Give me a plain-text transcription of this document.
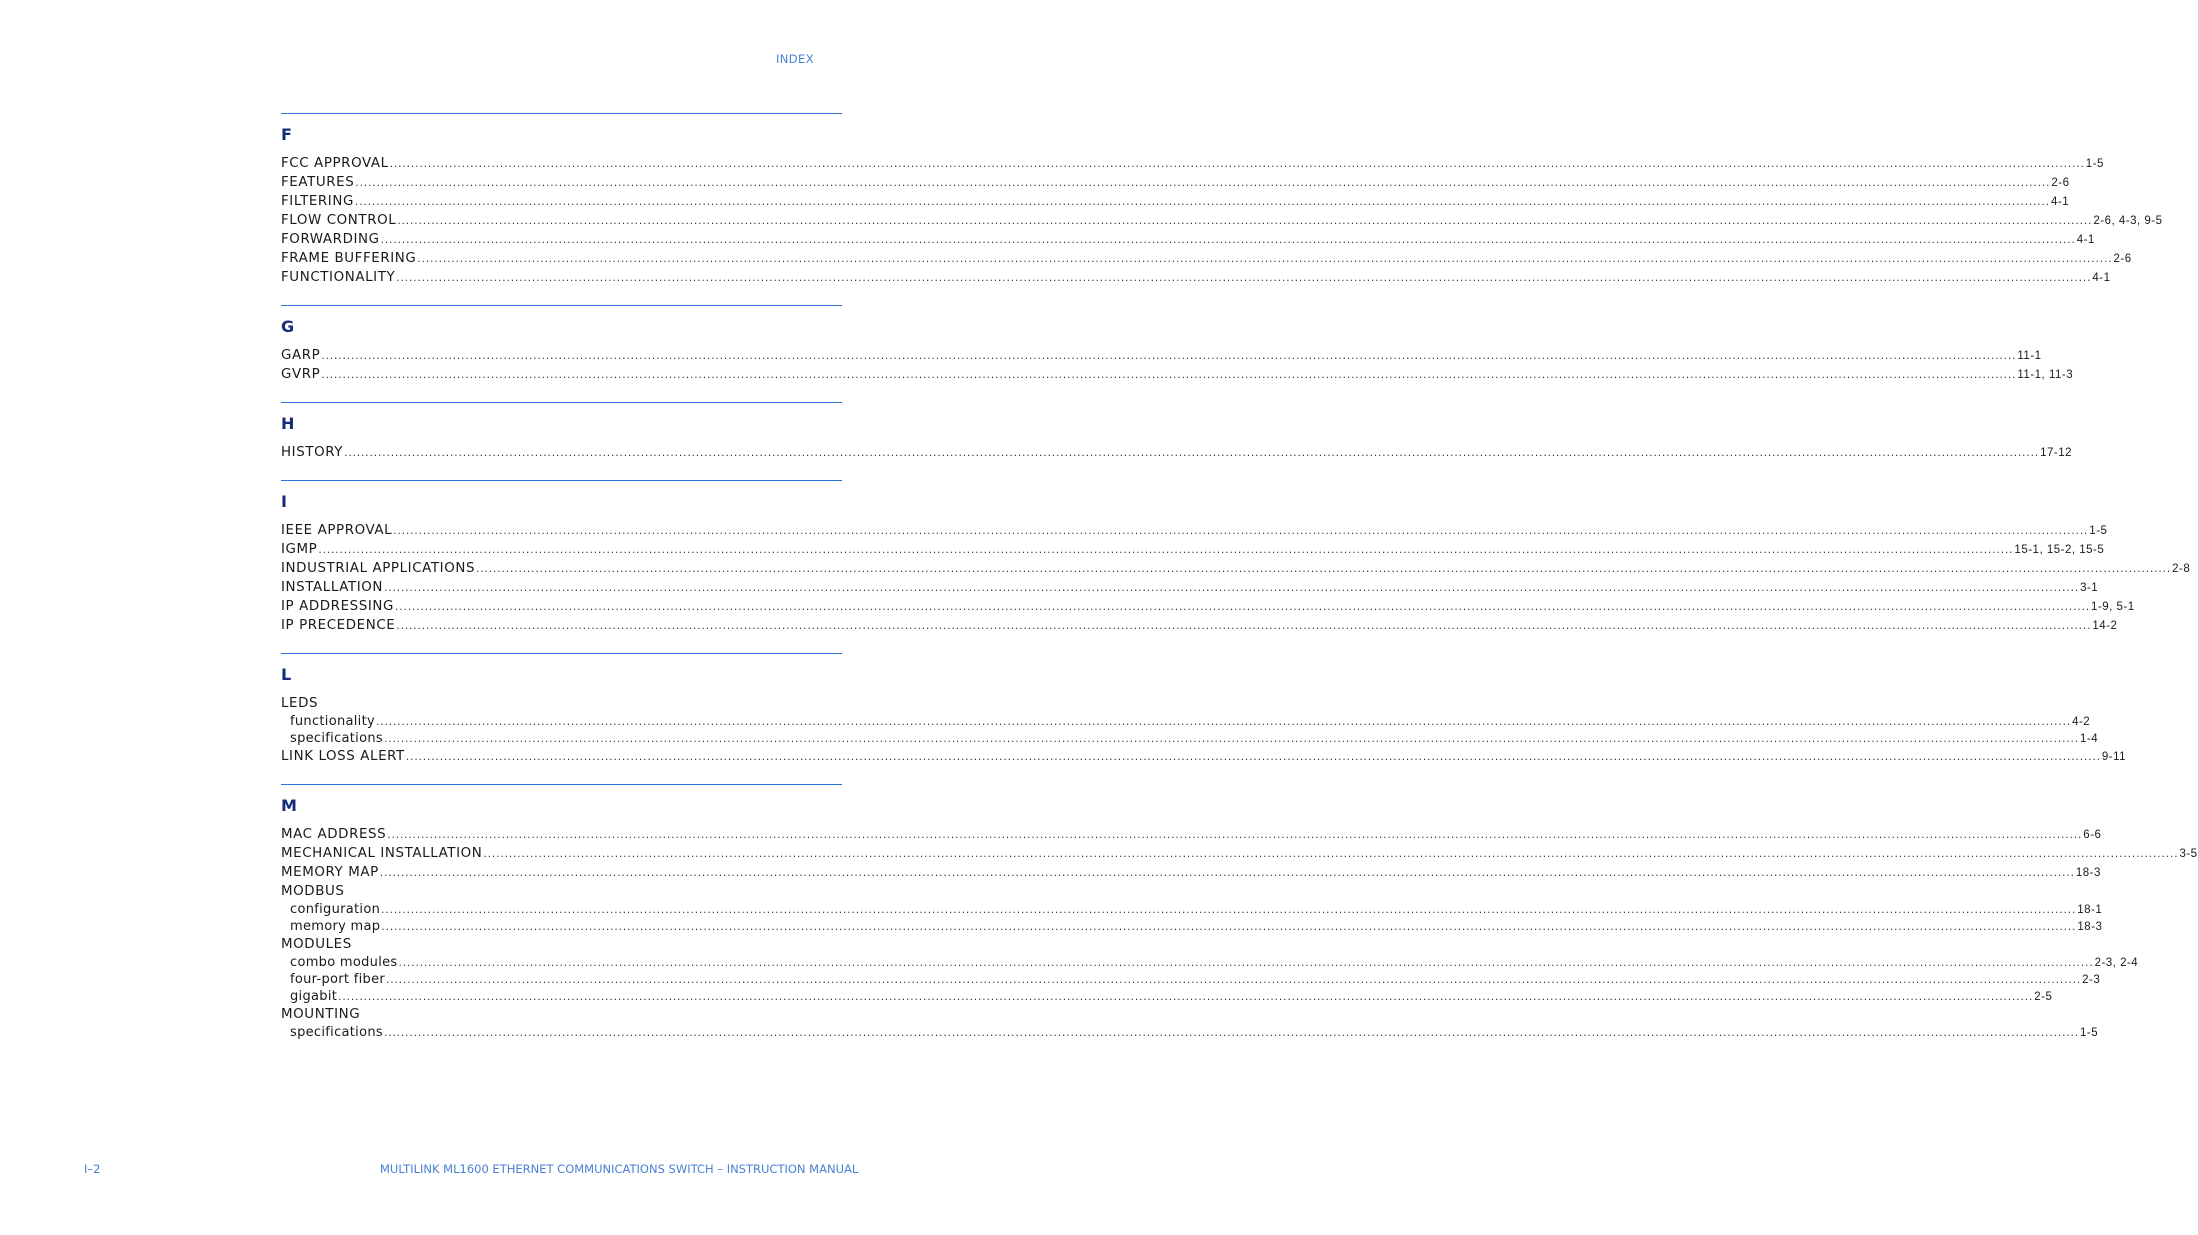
INDEX
F
FCC APPROVAL ................................................................................................................................................................................................................................................................................................................................................................................................................ 1-5
FEATURES ................................................................................................................................................................................................................................................................................................................................................................................................................ 2-6
FILTERING ................................................................................................................................................................................................................................................................................................................................................................................................................ 4-1
FLOW CONTROL ................................................................................................................................................................................................................................................................................................................................................................................................................ 2-6, 4-3, 9-5
FORWARDING ................................................................................................................................................................................................................................................................................................................................................................................................................ 4-1
FRAME BUFFERING ................................................................................................................................................................................................................................................................................................................................................................................................................ 2-6
FUNCTIONALITY ................................................................................................................................................................................................................................................................................................................................................................................................................ 4-1
G
GARP ................................................................................................................................................................................................................................................................................................................................................................................................................ 11-1
GVRP ................................................................................................................................................................................................................................................................................................................................................................................................................ 11-1, 11-3
H
HISTORY ................................................................................................................................................................................................................................................................................................................................................................................................................ 17-12
I
IEEE APPROVAL ................................................................................................................................................................................................................................................................................................................................................................................................................ 1-5
IGMP ................................................................................................................................................................................................................................................................................................................................................................................................................ 15-1, 15-2, 15-5
INDUSTRIAL APPLICATIONS ................................................................................................................................................................................................................................................................................................................................................................................................................ 2-8
INSTALLATION ................................................................................................................................................................................................................................................................................................................................................................................................................ 3-1
IP ADDRESSING ................................................................................................................................................................................................................................................................................................................................................................................................................ 1-9, 5-1
IP PRECEDENCE ................................................................................................................................................................................................................................................................................................................................................................................................................ 14-2
L
LEDS
functionality ................................................................................................................................................................................................................................................................................................................................................................................................................ 4-2
specifications ................................................................................................................................................................................................................................................................................................................................................................................................................ 1-4
LINK LOSS ALERT ................................................................................................................................................................................................................................................................................................................................................................................................................ 9-11
M
MAC ADDRESS ................................................................................................................................................................................................................................................................................................................................................................................................................ 6-6
MECHANICAL INSTALLATION ................................................................................................................................................................................................................................................................................................................................................................................................................ 3-5
MEMORY MAP ................................................................................................................................................................................................................................................................................................................................................................................................................ 18-3
MODBUS
configuration ................................................................................................................................................................................................................................................................................................................................................................................................................ 18-1
memory map ................................................................................................................................................................................................................................................................................................................................................................................................................ 18-3
MODULES
combo modules ................................................................................................................................................................................................................................................................................................................................................................................................................ 2-3, 2-4
four-port fiber ................................................................................................................................................................................................................................................................................................................................................................................................................ 2-3
gigabit ................................................................................................................................................................................................................................................................................................................................................................................................................ 2-5
MOUNTING
specifications ................................................................................................................................................................................................................................................................................................................................................................................................................ 1-5
I–2	MULTILINK ML1600 ETHERNET COMMUNICATIONS SWITCH – INSTRUCTION MANUAL
